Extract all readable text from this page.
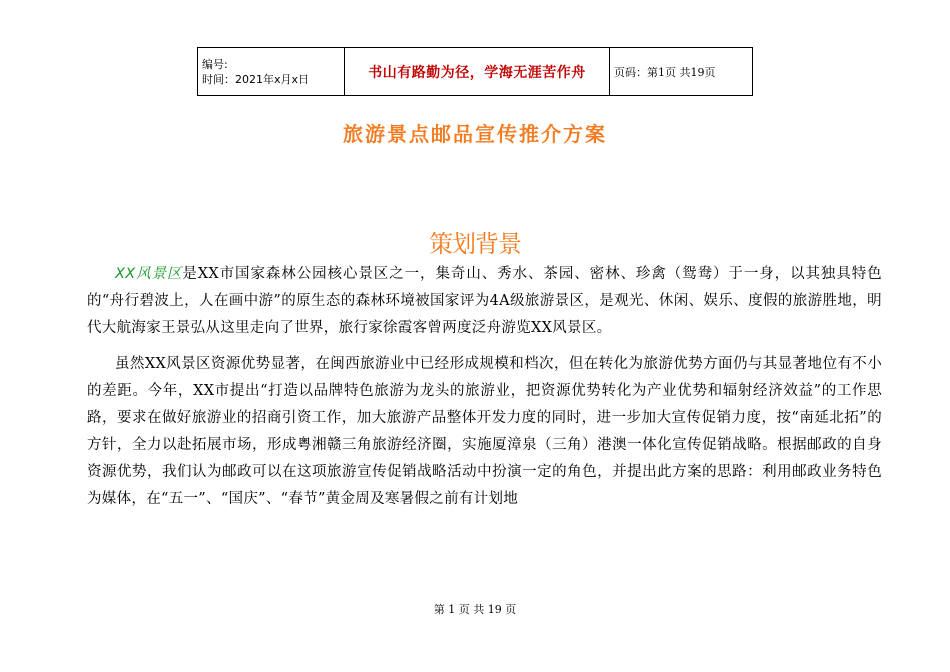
编号:
时间：2021年x月x日	书山有路勤为径，学海无涯苦作舟	页码：第1页 共19页
旅游景点邮品宣传推介方案
策划背景

XX风景区是XX市国家森林公园核心景区之一，集奇山、秀水、茶园、密林、珍禽（鸳鸯）于一身，以其独具特色的“舟行碧波上，人在画中游”的原生态的森林环境被国家评为4A级旅游景区，是观光、休闲、娱乐、度假的旅游胜地，明代大航海家王景弘从这里走向了世界，旅行家徐霞客曾两度泛舟游览XX风景区。

虽然XX风景区资源优势显著，在闽西旅游业中已经形成规模和档次，但在转化为旅游优势方面仍与其显著地位有不小的差距。今年，XX市提出“打造以品牌特色旅游为龙头的旅游业，把资源优势转化为产业优势和辐射经济效益”的工作思路，要求在做好旅游业的招商引资工作，加大旅游产品整体开发力度的同时，进一步加大宣传促销力度，按“南延北拓”的方针，全力以赴拓展市场，形成粤湘赣三角旅游经济圈，实施厦漳泉（三角）港澳一体化宣传促销战略。根据邮政的自身资源优势，我们认为邮政可以在这项旅游宣传促销战略活动中扮演一定的角色，并提出此方案的思路：利用邮政业务特色为媒体，在“五一”、“国庆”、“春节”黄金周及寒暑假之前有计划地

第 1 页 共 19 页
